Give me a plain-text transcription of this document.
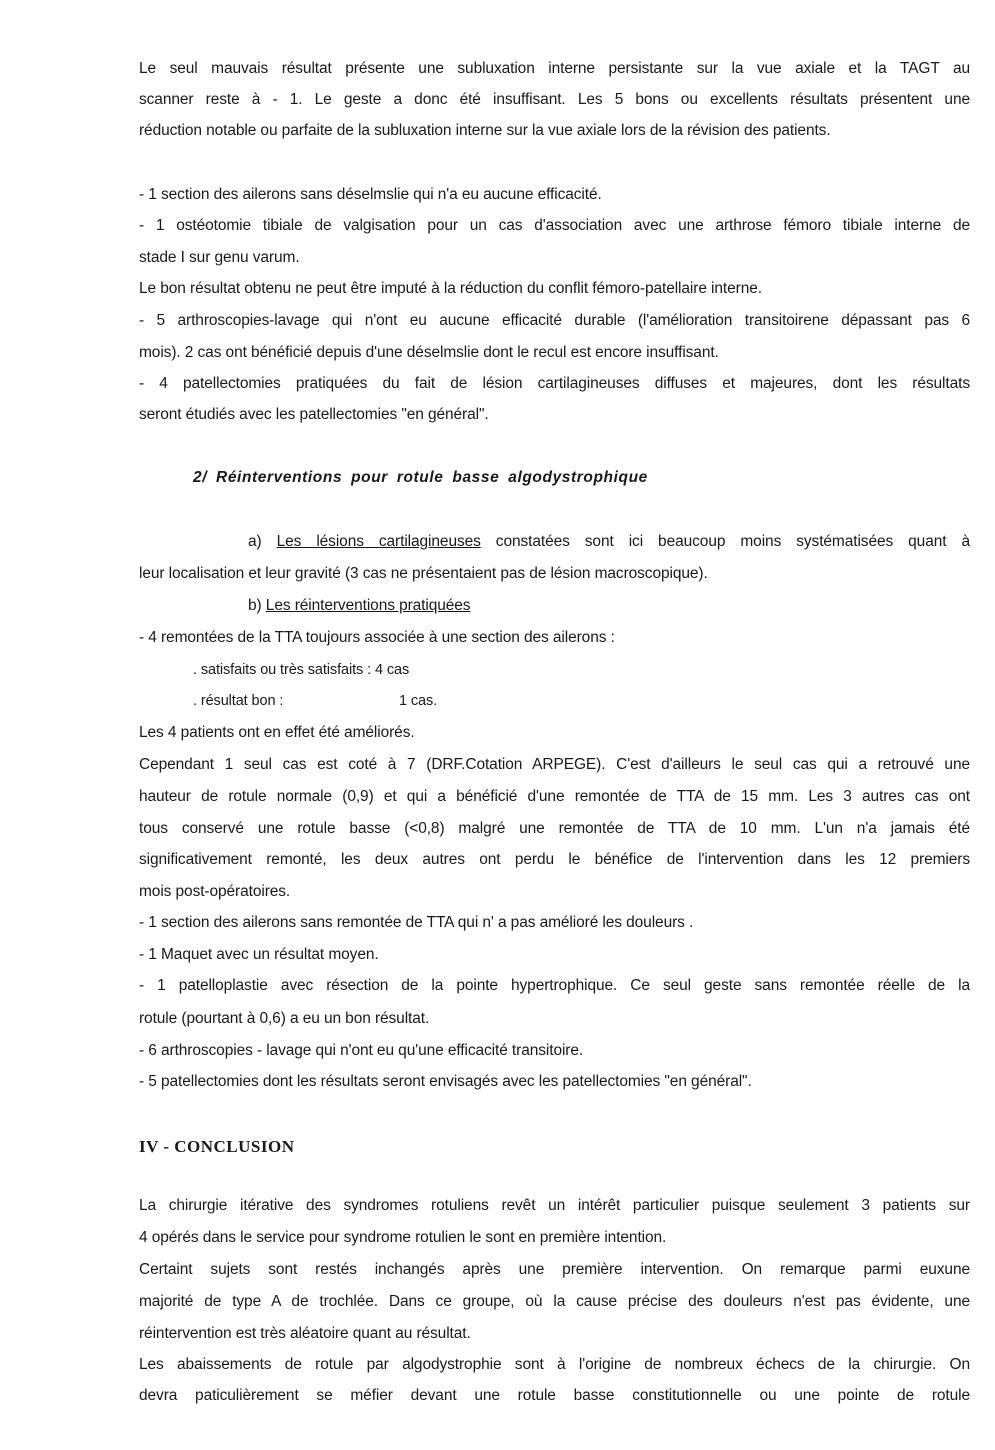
Le seul mauvais résultat présente une subluxation interne persistante sur la vue axiale et la TAGT au
scanner reste à - 1. Le geste a donc été insuffisant. Les 5 bons ou excellents résultats présentent une
réduction notable ou parfaite de la subluxation interne sur la vue axiale lors de la révision des patients.
- 1 section des ailerons sans déselmslie qui n'a eu aucune efficacité.
- 1 ostéotomie tibiale de valgisation pour un cas d'association avec une arthrose fémoro tibiale interne de
stade I sur genu varum.
Le bon résultat obtenu ne peut être imputé à la réduction du conflit fémoro-patellaire interne.
- 5 arthroscopies-lavage qui n'ont eu aucune efficacité durable (l'amélioration transitoirene dépassant pas 6
mois). 2 cas ont bénéficié depuis d'une déselmslie dont le recul est encore insuffisant.
- 4 patellectomies pratiquées du fait de lésion cartilagineuses diffuses et majeures, dont les résultats
seront étudiés avec les patellectomies "en général".
2/ Réinterventions pour rotule basse algodystrophique
a) Les lésions cartilagineuses constatées sont ici beaucoup moins systématisées quant à
leur localisation et leur gravité (3 cas ne présentaient pas de lésion macroscopique).
b) Les réinterventions pratiquées
- 4 remontées de la TTA toujours associée à une section des ailerons :
. satisfaits ou très satisfaits : 4 cas
. résultat bon :	1 cas.
Les 4 patients ont en effet été améliorés.
Cependant 1 seul cas est coté à 7 (DRF.Cotation ARPEGE). C'est d'ailleurs le seul cas qui a retrouvé une
hauteur de rotule normale (0,9) et qui a bénéficié d'une remontée de TTA de 15 mm. Les 3 autres cas ont
tous conservé une rotule basse (<0,8) malgré une remontée de TTA de 10 mm. L'un n'a jamais été
significativement remonté, les deux autres ont perdu le bénéfice de l'intervention dans les 12 premiers
mois post-opératoires.
- 1 section des ailerons sans remontée de TTA qui n' a pas amélioré les douleurs .
- 1 Maquet avec un résultat moyen.
- 1 patelloplastie avec résection de la pointe hypertrophique. Ce seul geste sans remontée réelle de la
rotule (pourtant à 0,6) a eu un bon résultat.
- 6 arthroscopies - lavage qui n'ont eu qu'une efficacité transitoire.
- 5 patellectomies dont les résultats seront envisagés avec les patellectomies "en général".
IV - CONCLUSION
La chirurgie itérative des syndromes rotuliens revêt un intérêt particulier puisque seulement 3 patients sur
4 opérés dans le service pour syndrome rotulien le sont en première intention.
Certaint sujets sont restés inchangés après une première intervention. On remarque parmi euxune
majorité de type A de trochlée. Dans ce groupe, où la cause précise des douleurs n'est pas évidente, une
réintervention est très aléatoire quant au résultat.
Les abaissements de rotule par algodystrophie sont à l'origine de nombreux échecs de la chirurgie. On
devra paticulièrement se méfier devant une rotule basse constitutionnelle ou une pointe de rotule
